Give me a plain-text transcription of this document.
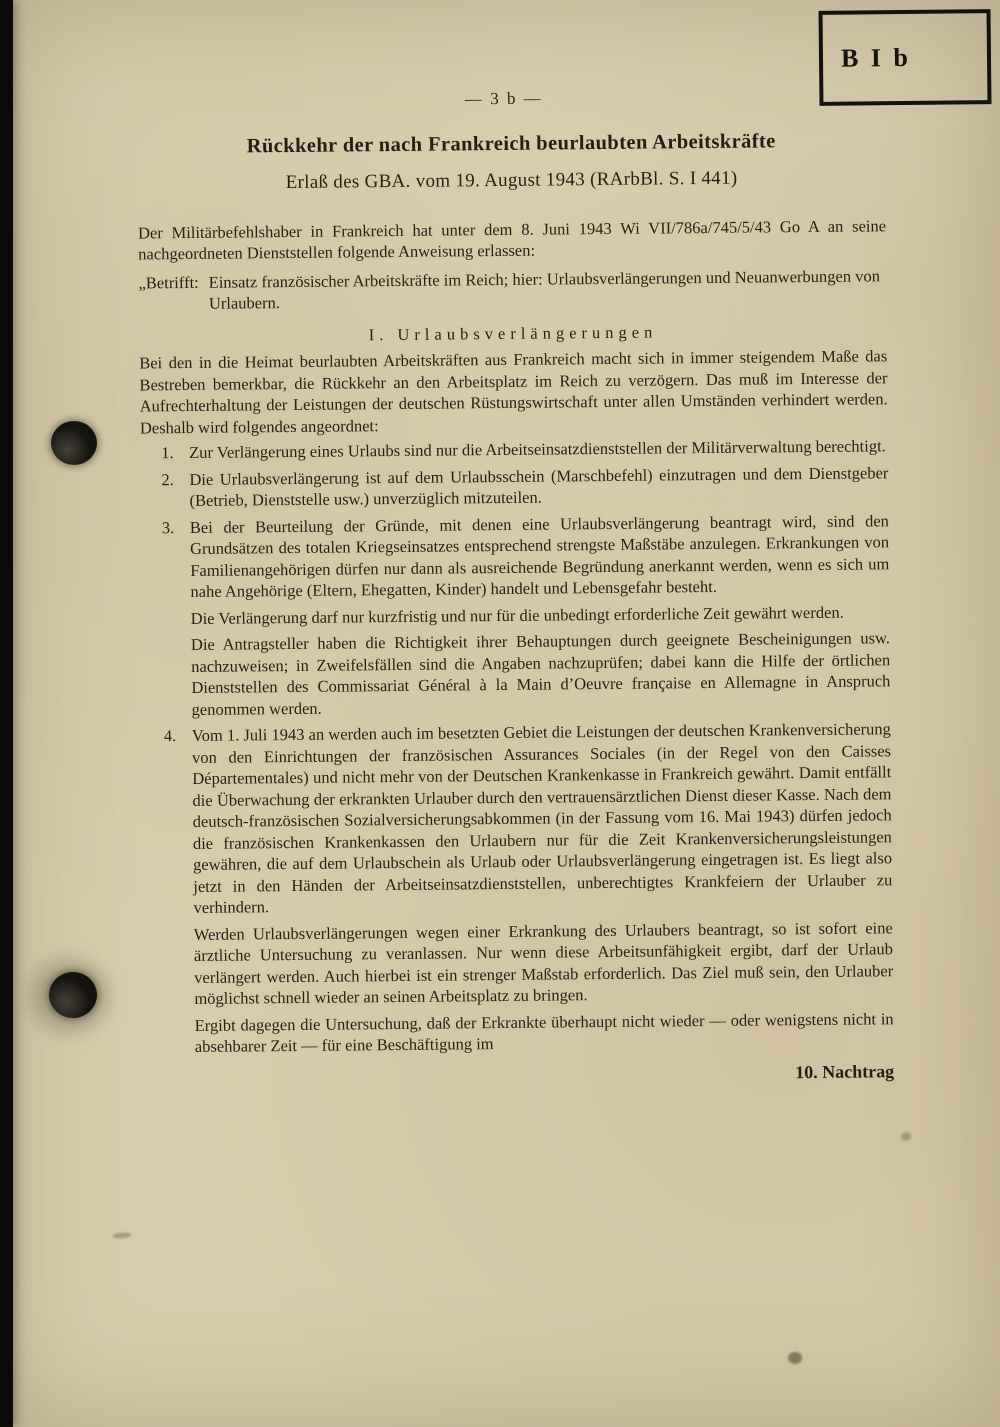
B I b
— 3 b —
Rückkehr der nach Frankreich beurlaubten Arbeitskräfte
Erlaß des GBA. vom 19. August 1943 (RArbBl. S. I 441)

Der Militärbefehlshaber in Frankreich hat unter dem 8. Juni 1943 Wi VII/786a/745/5/43 Go A an seine nachgeordneten Dienststellen folgende Anweisung erlassen:

„Betrifft: Einsatz französischer Arbeitskräfte im Reich; hier: Urlaubsverlängerungen und Neuanwerbungen von Urlaubern.
I. Urlaubsverlängerungen

Bei den in die Heimat beurlaubten Arbeitskräften aus Frankreich macht sich in immer steigendem Maße das Bestreben bemerkbar, die Rückkehr an den Arbeitsplatz im Reich zu verzögern. Das muß im Interesse der Aufrechterhaltung der Leistungen der deutschen Rüstungswirtschaft unter allen Umständen verhindert werden. Deshalb wird folgendes angeordnet:

1. Zur Verlängerung eines Urlaubs sind nur die Arbeitseinsatzdienststellen der Militärverwaltung berechtigt.

2. Die Urlaubsverlängerung ist auf dem Urlaubsschein (Marschbefehl) einzutragen und dem Dienstgeber (Betrieb, Dienststelle usw.) unverzüglich mitzuteilen.

3. Bei der Beurteilung der Gründe, mit denen eine Urlaubsverlängerung beantragt wird, sind den Grundsätzen des totalen Kriegseinsatzes entsprechend strengste Maßstäbe anzulegen. Erkrankungen von Familienangehörigen dürfen nur dann als ausreichende Begründung anerkannt werden, wenn es sich um nahe Angehörige (Eltern, Ehegatten, Kinder) handelt und Lebensgefahr besteht.

Die Verlängerung darf nur kurzfristig und nur für die unbedingt erforderliche Zeit gewährt werden.

Die Antragsteller haben die Richtigkeit ihrer Behauptungen durch geeignete Bescheinigungen usw. nachzuweisen; in Zweifelsfällen sind die Angaben nachzuprüfen; dabei kann die Hilfe der örtlichen Dienststellen des Commissariat Général à la Main d’Oeuvre française en Allemagne in Anspruch genommen werden.

4. Vom 1. Juli 1943 an werden auch im besetzten Gebiet die Leistungen der deutschen Krankenversicherung von den Einrichtungen der französischen Assurances Sociales (in der Regel von den Caisses Départementales) und nicht mehr von der Deutschen Krankenkasse in Frankreich gewährt. Damit entfällt die Überwachung der erkrankten Urlauber durch den vertrauensärztlichen Dienst dieser Kasse. Nach dem deutsch-französischen Sozialversicherungsabkommen (in der Fassung vom 16. Mai 1943) dürfen jedoch die französischen Krankenkassen den Urlaubern nur für die Zeit Krankenversicherungsleistungen gewähren, die auf dem Urlaubschein als Urlaub oder Urlaubsverlängerung eingetragen ist. Es liegt also jetzt in den Händen der Arbeitseinsatzdienststellen, unberechtigtes Krankfeiern der Urlauber zu verhindern.

Werden Urlaubsverlängerungen wegen einer Erkrankung des Urlaubers beantragt, so ist sofort eine ärztliche Untersuchung zu veranlassen. Nur wenn diese Arbeitsunfähigkeit ergibt, darf der Urlaub verlängert werden. Auch hierbei ist ein strenger Maßstab erforderlich. Das Ziel muß sein, den Urlauber möglichst schnell wieder an seinen Arbeitsplatz zu bringen.

Ergibt dagegen die Untersuchung, daß der Erkrankte überhaupt nicht wieder — oder wenigstens nicht in absehbarer Zeit — für eine Beschäftigung im

10. Nachtrag
